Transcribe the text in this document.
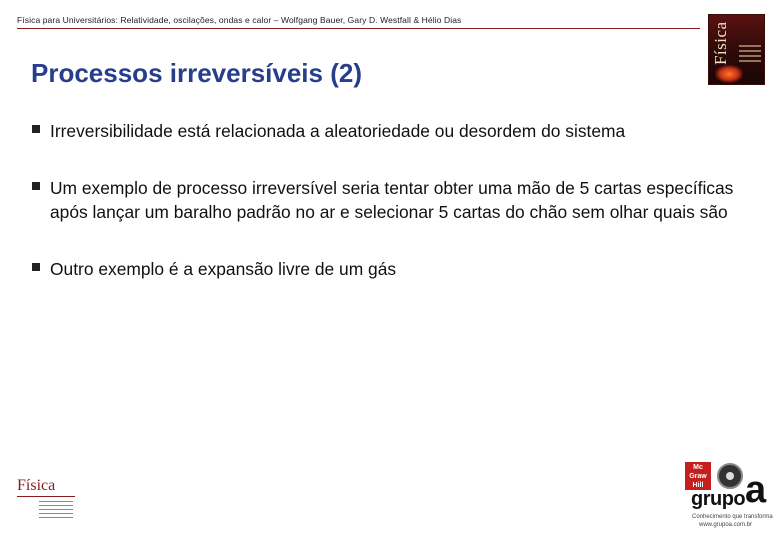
Física para Universitários: Relatividade, oscilações, ondas e calor – Wolfgang Bauer, Gary D. Westfall & Hélio Dias
Física
Processos irreversíveis (2)
Irreversibilidade está relacionada a aleatoriedade ou desordem do sistema
Um exemplo de processo irreversível seria tentar obter uma mão de 5 cartas específicas após lançar um baralho padrão no ar e selecionar 5 cartas do chão sem olhar quais são
Outro exemplo é a expansão livre de um gás
Física
Mc Graw Hill
grupo a
Conhecimento que transforma
www.grupoa.com.br
